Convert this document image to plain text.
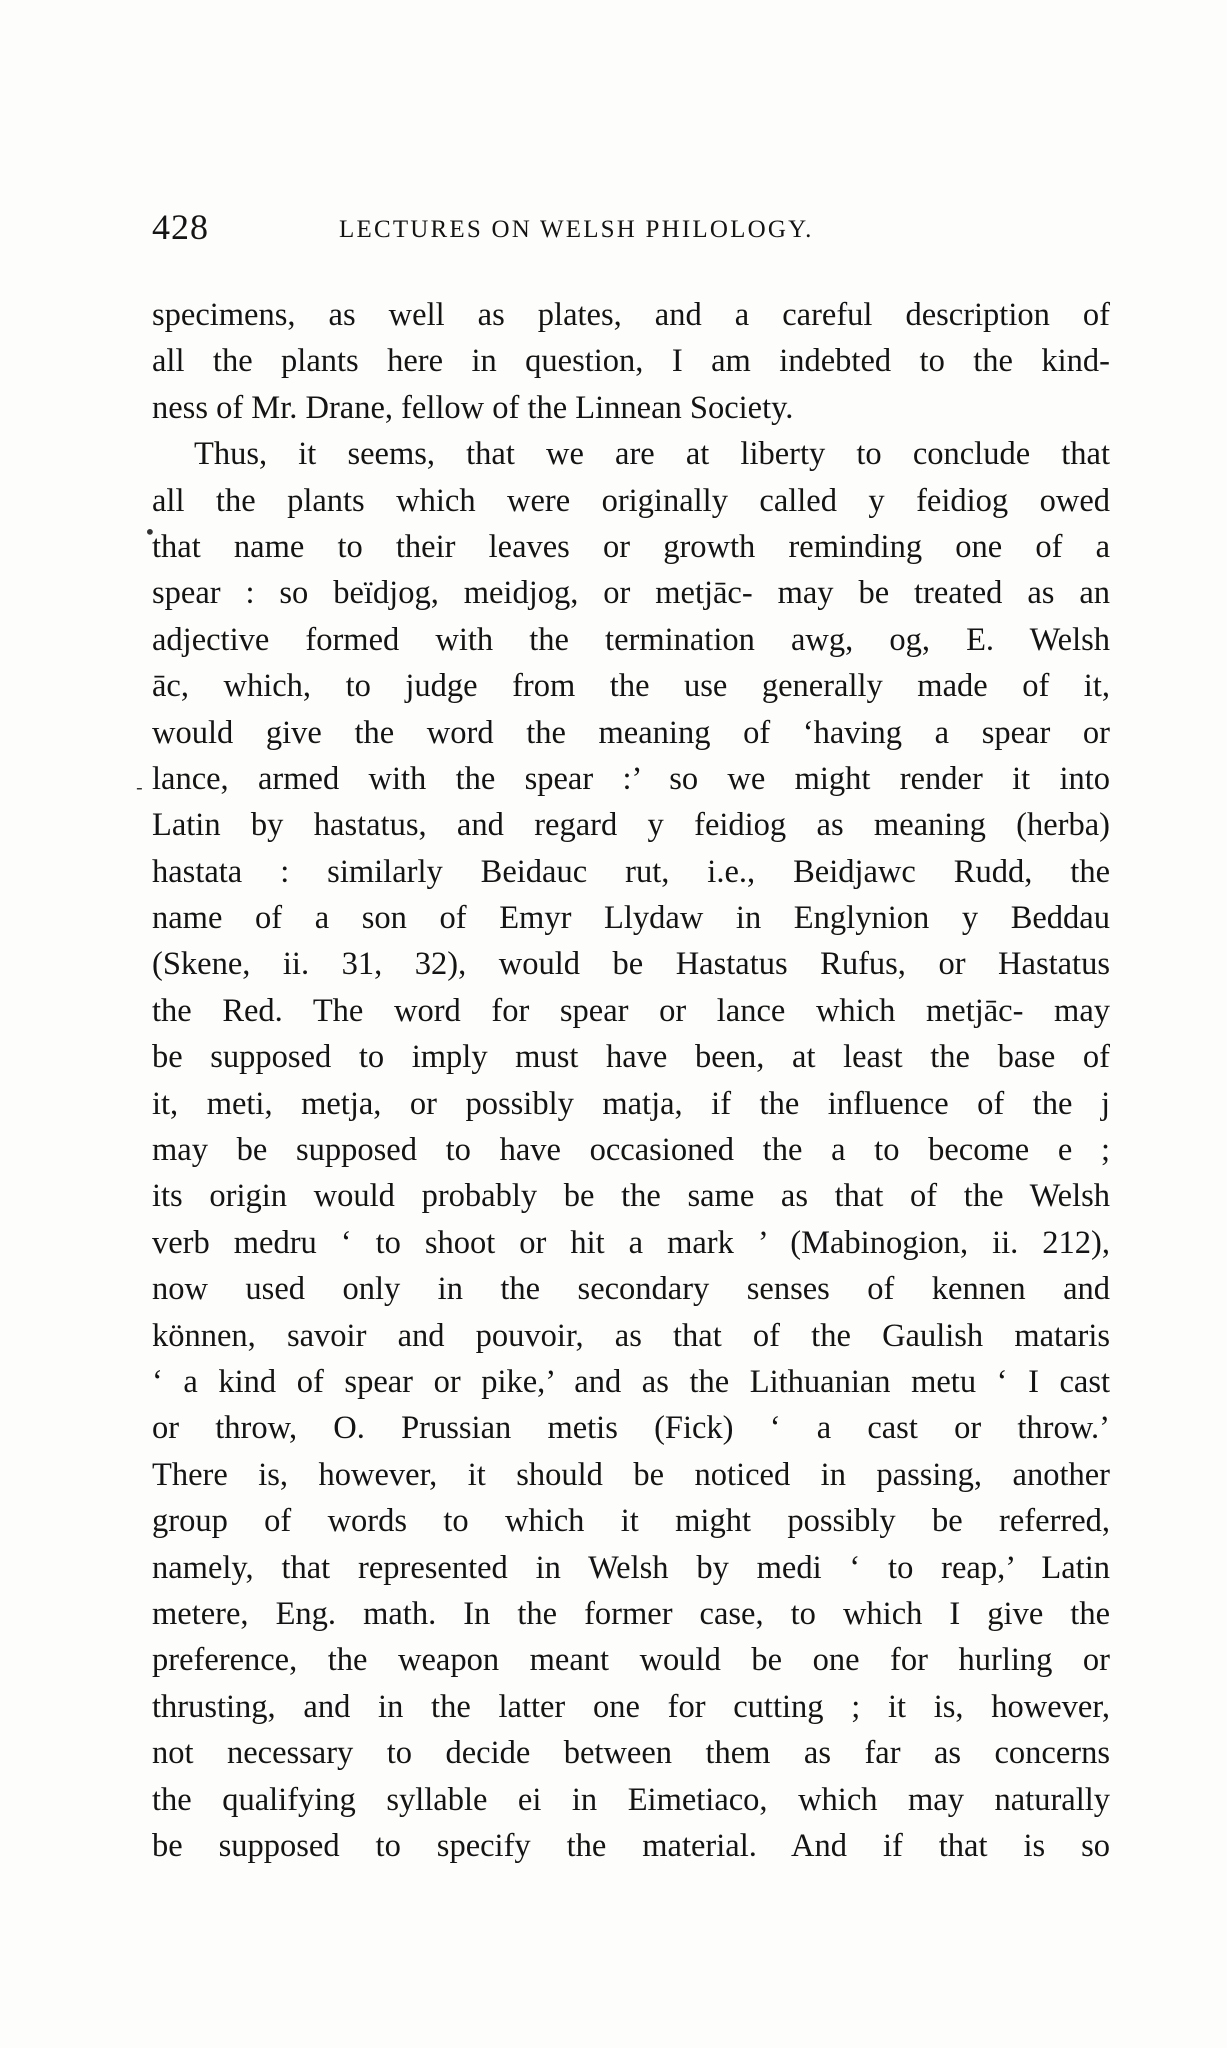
428	LECTURES ON WELSH PHILOLOGY.
•
‐
specimens, as well as plates, and a careful description of
all the plants here in question, I am indebted to the kind-
ness of Mr. Drane, fellow of the Linnean Society.
Thus, it seems, that we are at liberty to conclude that
all the plants which were originally called y feidiog owed
that name to their leaves or growth reminding one of a
spear : so beïdjog, meidjog, or metjāc- may be treated as an
adjective formed with the termination awg, og, E. Welsh
āc, which, to judge from the use generally made of it,
would give the word the meaning of ‘having a spear or
lance, armed with the spear :’ so we might render it into
Latin by hastatus, and regard y feidiog as meaning (herba)
hastata : similarly Beidauc rut, i.e., Beidjawc Rudd, the
name of a son of Emyr Llydaw in Englynion y Beddau
(Skene, ii. 31, 32), would be Hastatus Rufus, or Hastatus
the Red. The word for spear or lance which metjāc- may
be supposed to imply must have been, at least the base of
it, meti, metja, or possibly matja, if the influence of the j
may be supposed to have occasioned the a to become e ;
its origin would probably be the same as that of the Welsh
verb medru ‘ to shoot or hit a mark ’ (Mabinogion, ii. 212),
now used only in the secondary senses of kennen and
können, savoir and pouvoir, as that of the Gaulish mataris
‘ a kind of spear or pike,’ and as the Lithuanian metu ‘ I cast
or throw, O. Prussian metis (Fick) ‘ a cast or throw.’
There is, however, it should be noticed in passing, another
group of words to which it might possibly be referred,
namely, that represented in Welsh by medi ‘ to reap,’ Latin
metere, Eng. math. In the former case, to which I give the
preference, the weapon meant would be one for hurling or
thrusting, and in the latter one for cutting ; it is, however,
not necessary to decide between them as far as concerns
the qualifying syllable ei in Eimetiaco, which may naturally
be supposed to specify the material. And if that is so
